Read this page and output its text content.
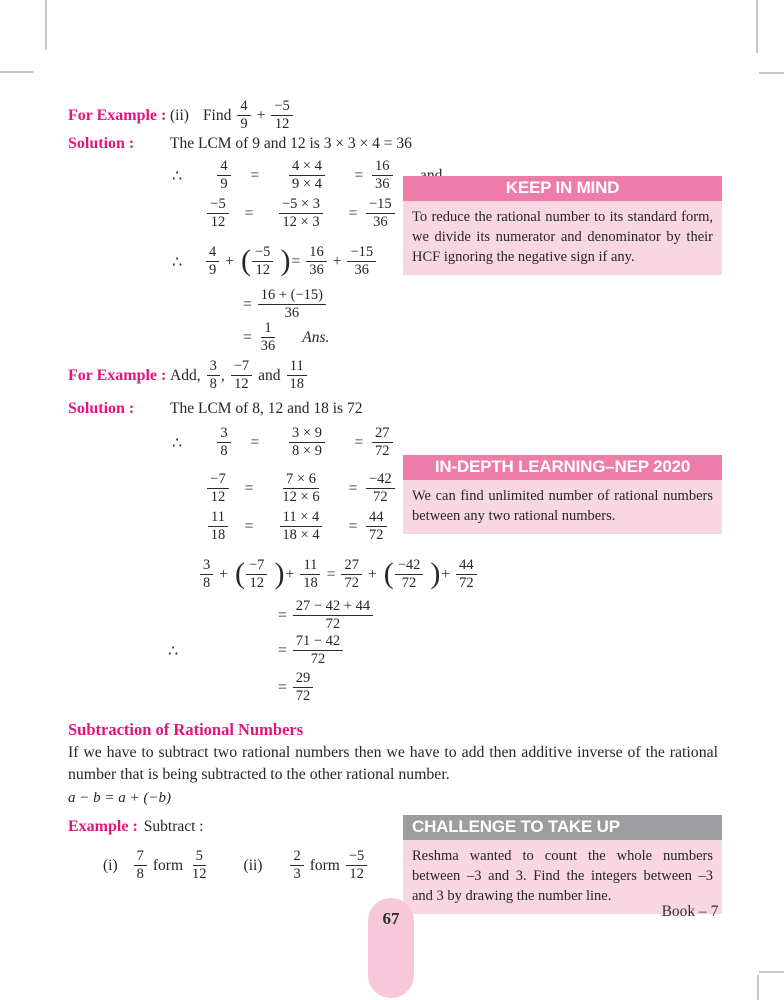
For Example : (ii) Find $\frac{4}{9} + \frac{-5}{12}$
Solution :	The LCM of 9 and 12 is 3 × 3 × 4 = 36
∴	$\frac{4}{9} = \frac{4 \times 4}{9 \times 4} = \frac{16}{36}$
$\frac{-5}{12} = \frac{-5 \times 3}{12 \times 3} = \frac{-15}{36}$
∴	$\frac{4}{9}$ + ( $\frac{-5}{12}$ ) = $\frac{16}{36} + \frac{-15}{36}$
= $\frac{16 + (-15)}{36}$
= $\frac{1}{36}$ Ans.
KEEP IN MIND
To reduce the rational number to its standard form, we divide its numerator and denominator by their HCF ignoring the negative sign if any.
For Example : Add, $\frac{3}{8}$ , $\frac{-7}{12}$ and $\frac{11}{18}$
Solution :	The LCM of 8, 12 and 18 is 72
∴	$\frac{3}{8} = \frac{3 \times 9}{8 \times 9} = \frac{27}{72}$
$\frac{-7}{12} = \frac{7 \times 6}{12 \times 6} = \frac{-42}{72}$
$\frac{11}{18} = \frac{11 \times 4}{18 \times 4} = \frac{44}{72}$
IN-DEPTH LEARNING–NEP 2020
We can find unlimited number of rational numbers between any two rational numbers.
$\frac{3}{8}$ + ( $\frac{-7}{12}$ ) + $\frac{11}{18} = \frac{27}{72}$ + ( $\frac{-42}{72}$ ) + $\frac{44}{72}$
= $\frac{27 - 42 + 44}{72}$
∴	= $\frac{71 - 42}{72}$
= $\frac{29}{72}$
Subtraction of Rational Numbers
If we have to subtract two rational numbers then we have to add then additive inverse of the rational number that is being subtracted to the other rational number.
a − b = a + (−b)
Example : Subtract :
$(i) \frac{7}{8}$ form $\frac{5}{12} (ii) \frac{2}{3}$ form $\frac{-5}{12}$
CHALLENGE TO TAKE UP
Reshma wanted to count the whole numbers between –3 and 3. Find the integers between –3 and 3 by drawing the number line.
67	Book – 7
